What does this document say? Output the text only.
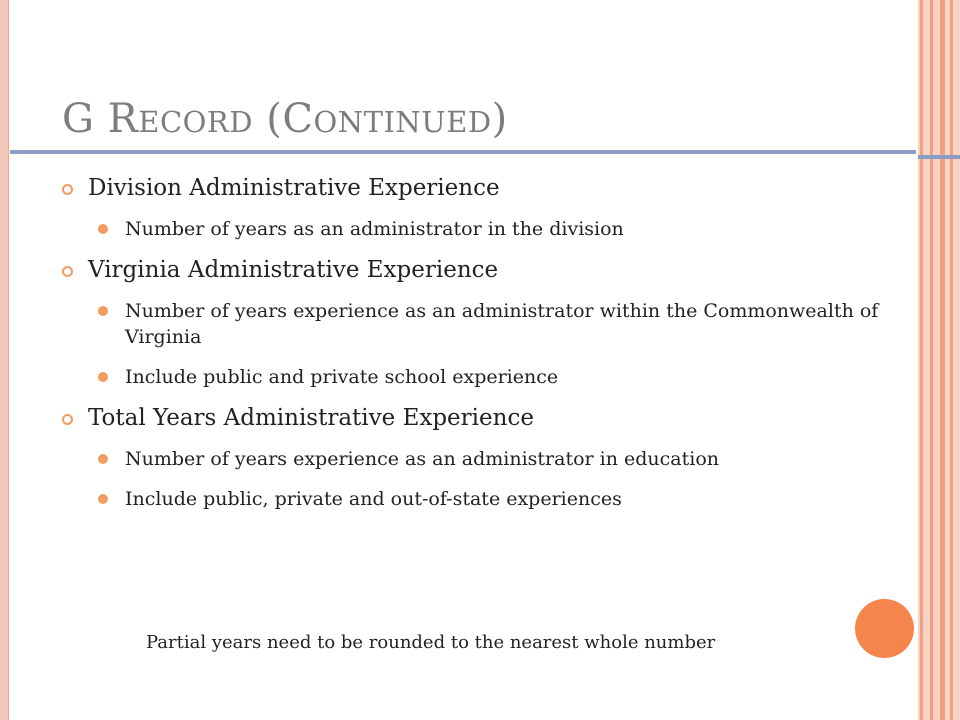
G RECORD (CONTINUED)
Division Administrative Experience
Number of years as an administrator in the division
Virginia Administrative Experience
Number of years experience as an administrator within the Commonwealth of Virginia
Include public and private school experience
Total Years Administrative Experience
Number of years experience as an administrator in education
Include public, private and out-of-state experiences
Partial years need to be rounded to the nearest whole number
